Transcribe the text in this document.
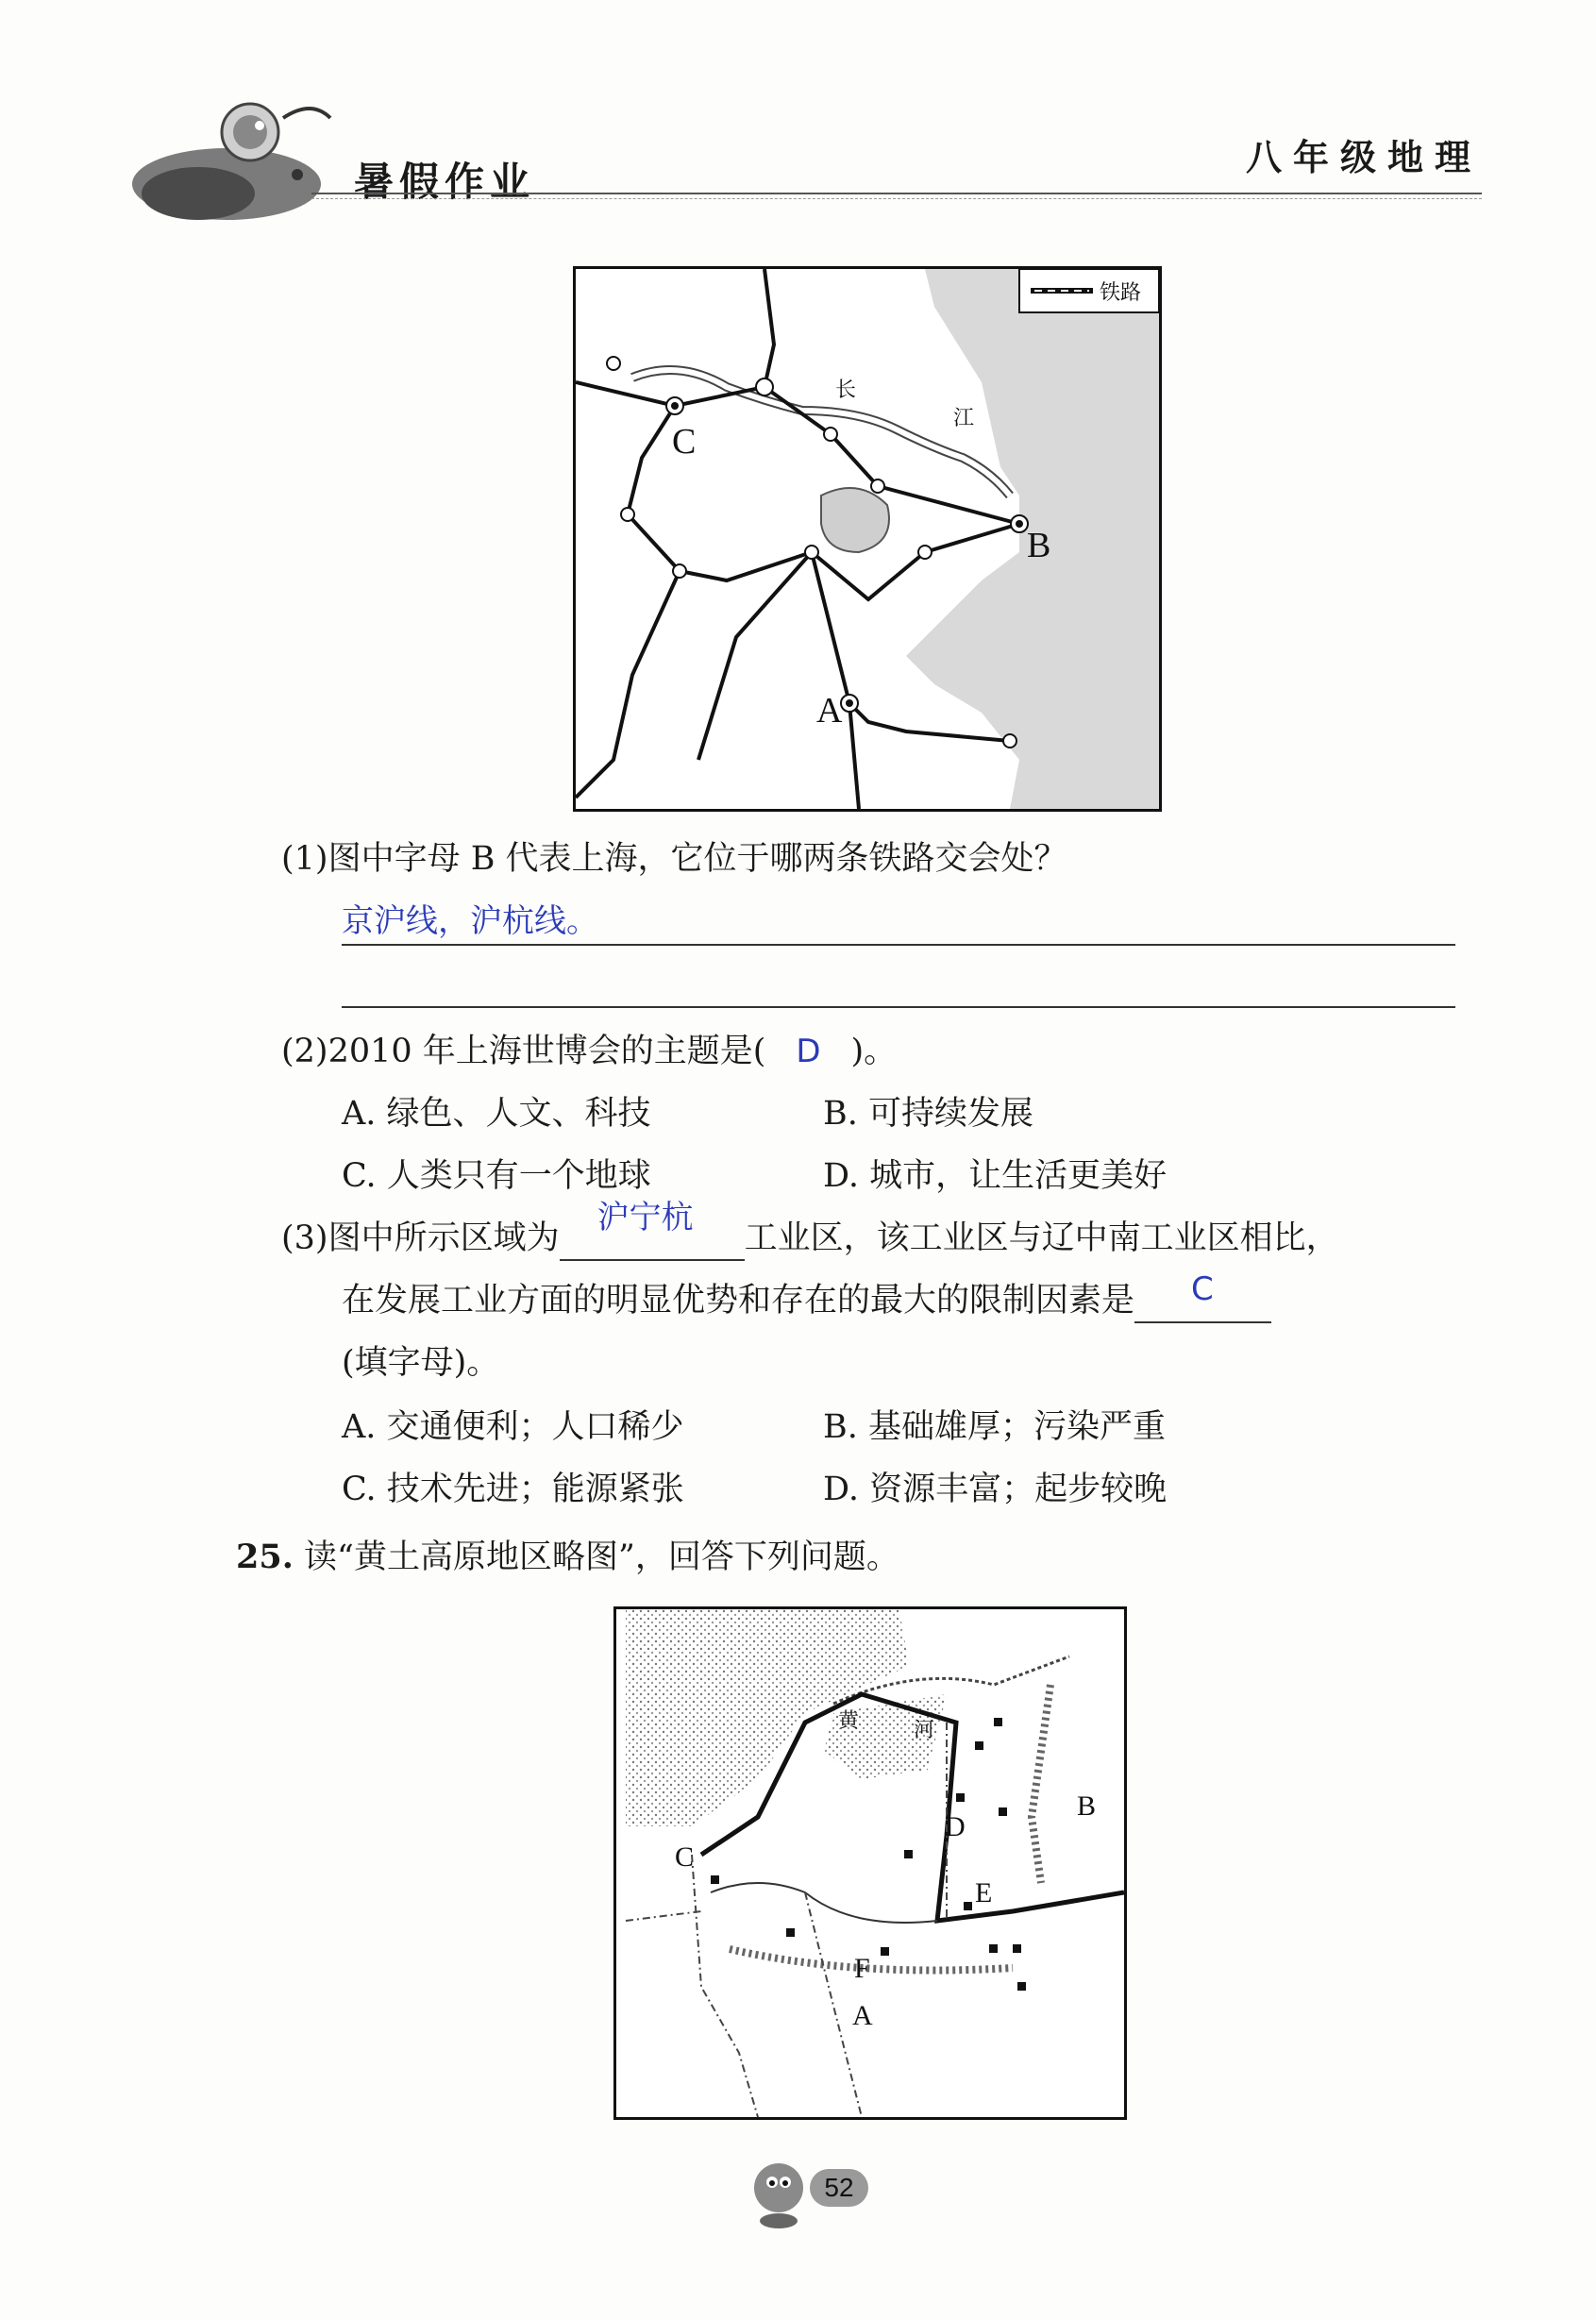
暑假作业
八年级地理
铁路
C
B
A
长
江
(1)图中字母 B 代表上海，它位于哪两条铁路交会处？
京沪线，沪杭线。
(2)2010 年上海世博会的主题是( D )。
A. 绿色、人文、科技	B. 可持续发展
C. 人类只有一个地球	D. 城市，让生活更美好
(3)图中所示区域为
沪宁杭
工业区，该工业区与辽中南工业区相比，
在发展工业方面的明显优势和存在的最大的限制因素是 C

(填字母)。
A. 交通便利；人口稀少	B. 基础雄厚；污染严重
C. 技术先进；能源紧张	D. 资源丰富；起步较晚
25. 读“黄土高原地区略图”，回答下列问题。
黄	河
B
C
D
E
F
A
52
